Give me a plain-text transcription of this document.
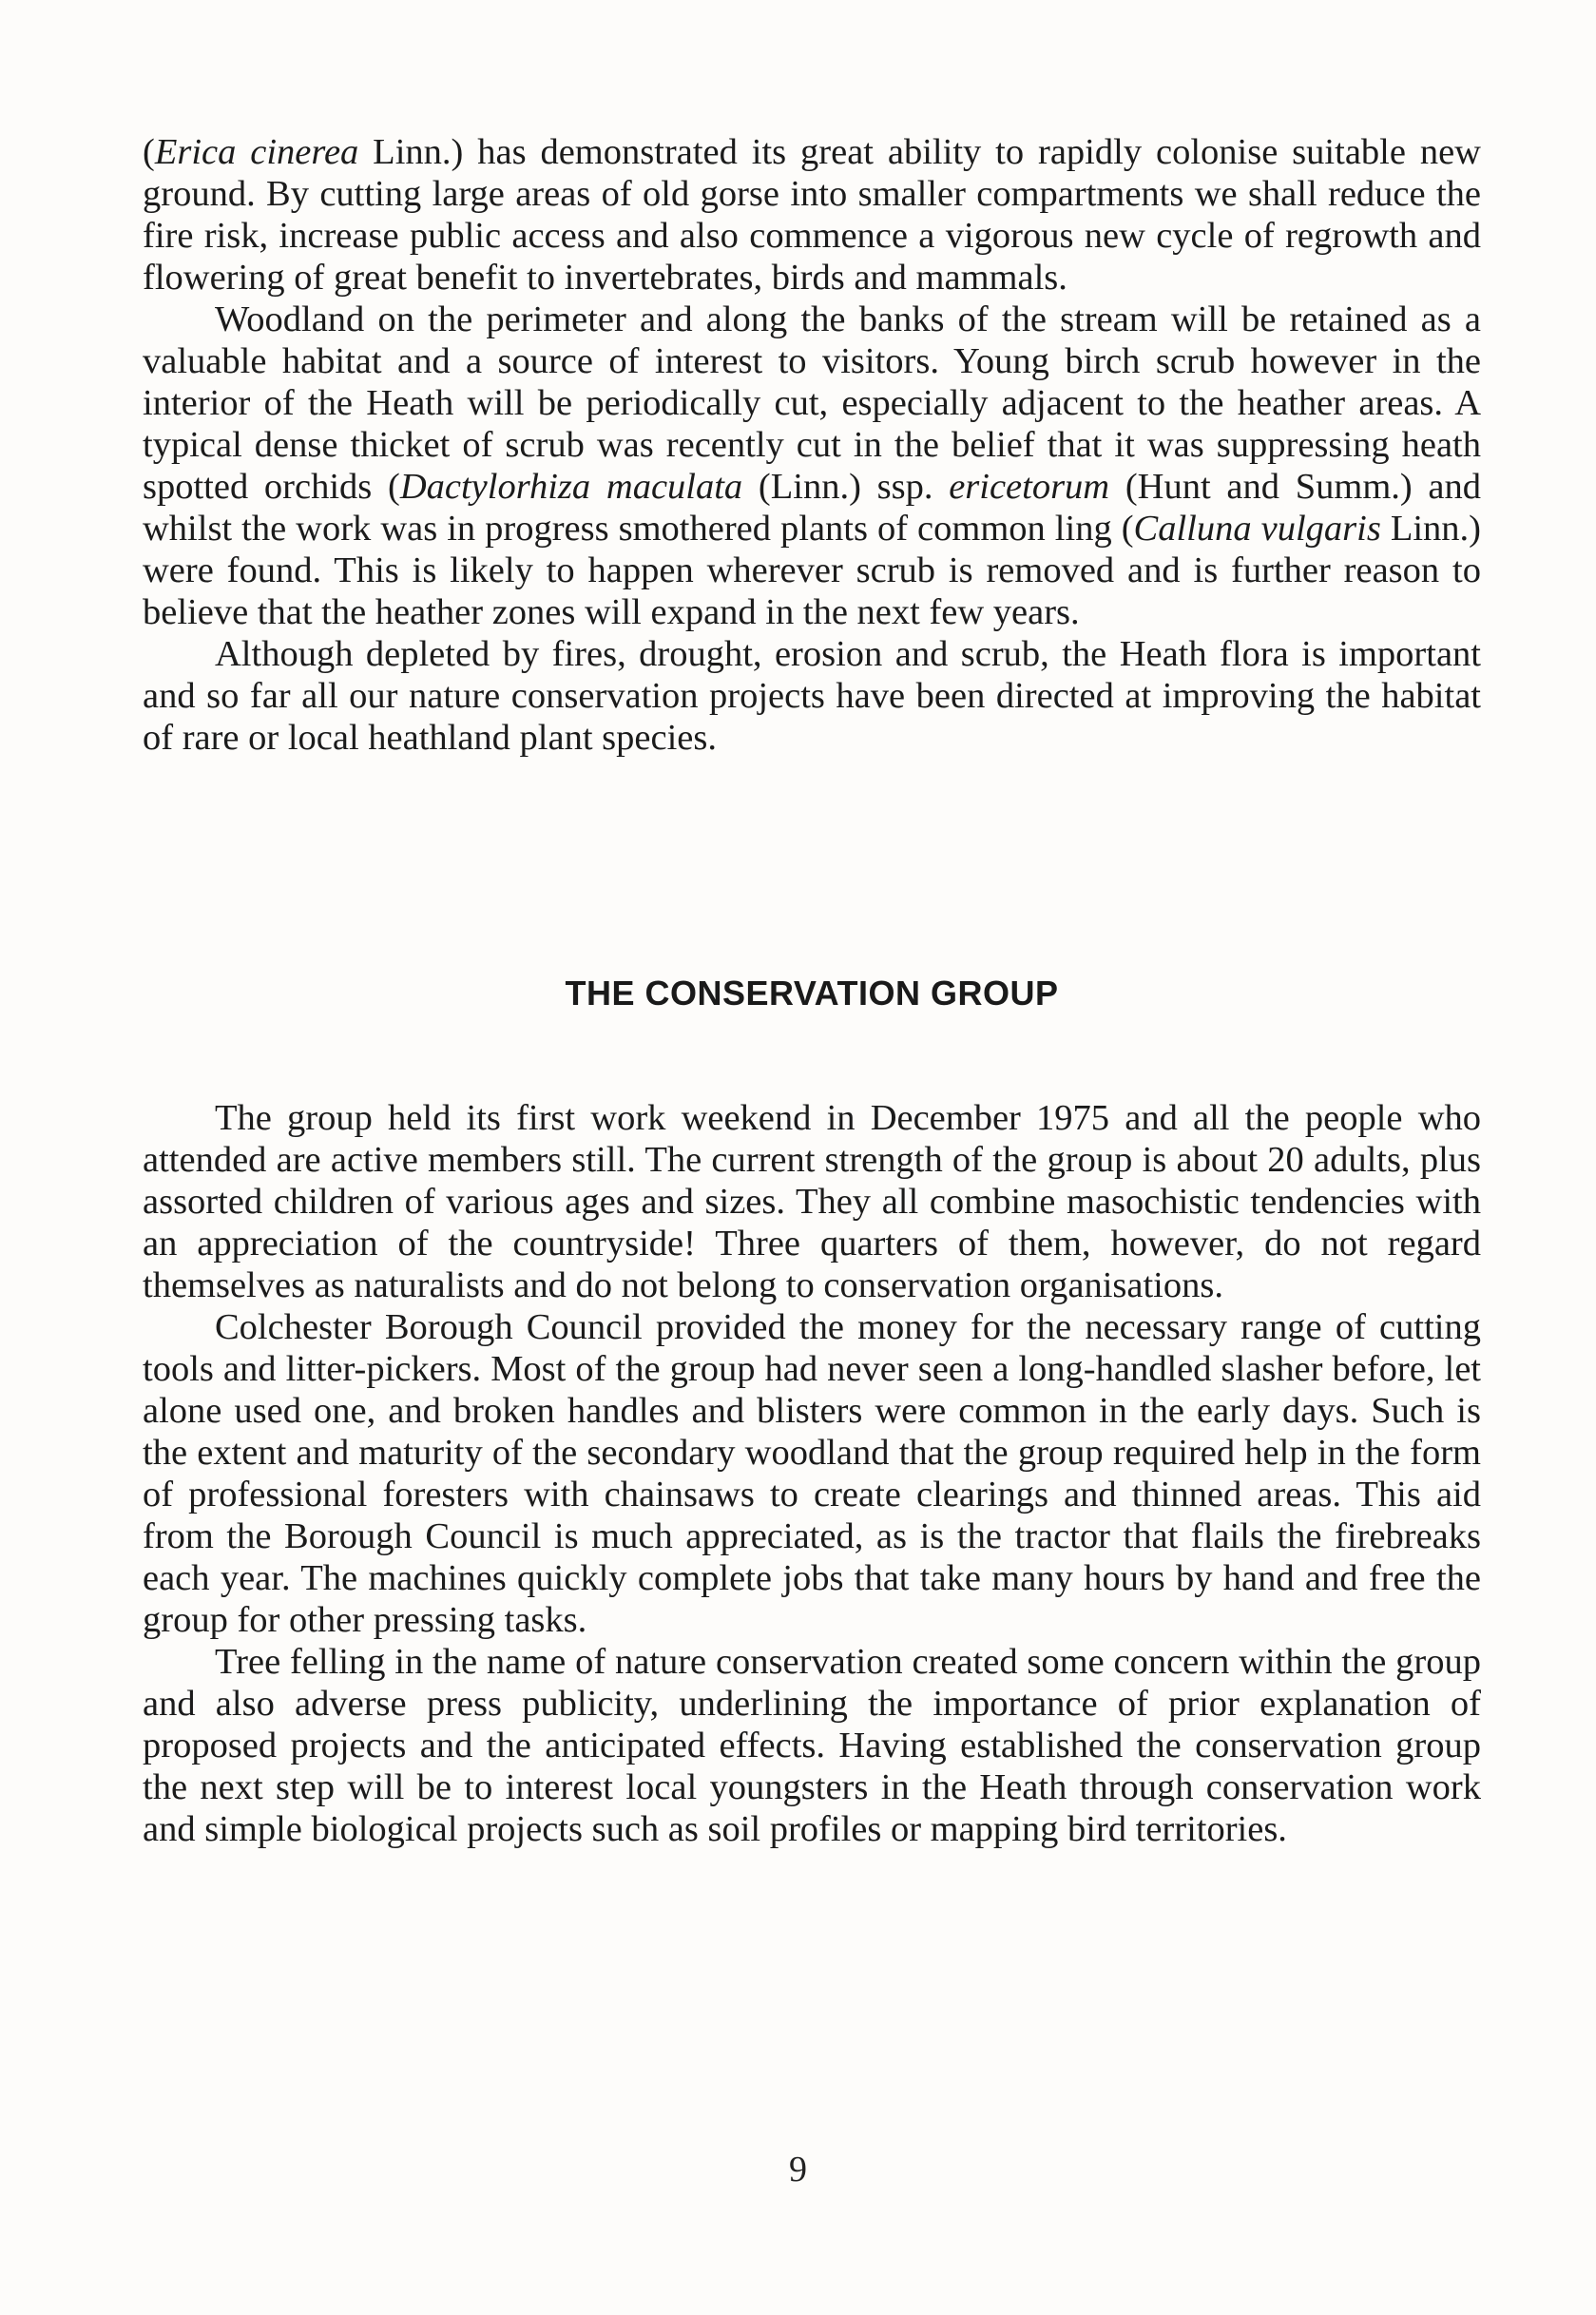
(Erica cinerea Linn.) has demonstrated its great ability to rapidly colonise suitable new ground. By cutting large areas of old gorse into smaller compartments we shall reduce the fire risk, increase public access and also commence a vigorous new cycle of regrowth and flowering of great benefit to invertebrates, birds and mammals.

Woodland on the perimeter and along the banks of the stream will be retained as a valuable habitat and a source of interest to visitors. Young birch scrub however in the interior of the Heath will be periodically cut, especially adjacent to the heather areas. A typical dense thicket of scrub was recently cut in the belief that it was suppressing heath spotted orchids (Dactylorhiza maculata (Linn.) ssp. ericetorum (Hunt and Summ.) and whilst the work was in progress smothered plants of common ling (Calluna vulgaris Linn.) were found. This is likely to happen wherever scrub is removed and is further reason to believe that the heather zones will expand in the next few years.

Although depleted by fires, drought, erosion and scrub, the Heath flora is important and so far all our nature conservation projects have been directed at improving the habitat of rare or local heathland plant species.

THE CONSERVATION GROUP

The group held its first work weekend in December 1975 and all the people who attended are active members still. The current strength of the group is about 20 adults, plus assorted children of various ages and sizes. They all combine masochistic tendencies with an appreciation of the countryside! Three quarters of them, however, do not regard themselves as naturalists and do not belong to conservation organisations.

Colchester Borough Council provided the money for the necessary range of cutting tools and litter-pickers. Most of the group had never seen a long-handled slasher before, let alone used one, and broken handles and blisters were common in the early days. Such is the extent and maturity of the secondary woodland that the group required help in the form of professional foresters with chainsaws to create clearings and thinned areas. This aid from the Borough Council is much appreciated, as is the tractor that flails the firebreaks each year. The machines quickly complete jobs that take many hours by hand and free the group for other pressing tasks.

Tree felling in the name of nature conservation created some concern within the group and also adverse press publicity, underlining the importance of prior explanation of proposed projects and the anticipated effects. Having established the conservation group the next step will be to interest local youngsters in the Heath through conservation work and simple biological projects such as soil profiles or mapping bird territories.

9
